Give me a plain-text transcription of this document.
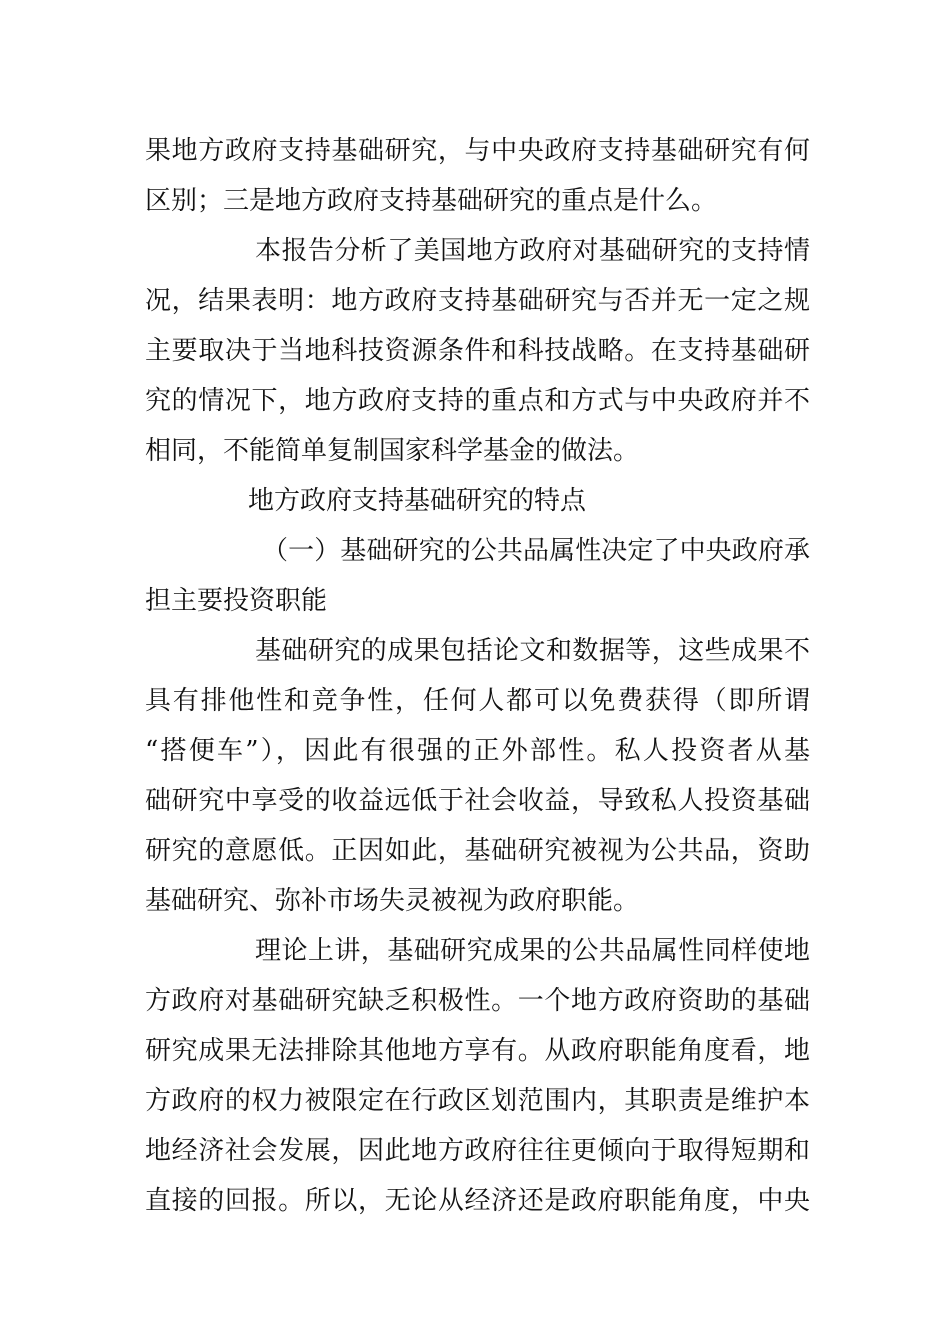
果地方政府支持基础研究，与中央政府支持基础研究有何
区别；三是地方政府支持基础研究的重点是什么。
本报告分析了美国地方政府对基础研究的支持情
况，结果表明：地方政府支持基础研究与否并无一定之规
主要取决于当地科技资源条件和科技战略。在支持基础研
究的情况下，地方政府支持的重点和方式与中央政府并不
相同，不能简单复制国家科学基金的做法。
地方政府支持基础研究的特点
（一）基础研究的公共品属性决定了中央政府承
担主要投资职能
基础研究的成果包括论文和数据等，这些成果不
具有排他性和竞争性，任何人都可以免费获得（即所谓
“搭便车”），因此有很强的正外部性。私人投资者从基
础研究中享受的收益远低于社会收益，导致私人投资基础
研究的意愿低。正因如此，基础研究被视为公共品，资助
基础研究、弥补市场失灵被视为政府职能。
理论上讲，基础研究成果的公共品属性同样使地
方政府对基础研究缺乏积极性。一个地方政府资助的基础
研究成果无法排除其他地方享有。从政府职能角度看，地
方政府的权力被限定在行政区划范围内，其职责是维护本
地经济社会发展，因此地方政府往往更倾向于取得短期和
直接的回报。所以，无论从经济还是政府职能角度，中央
